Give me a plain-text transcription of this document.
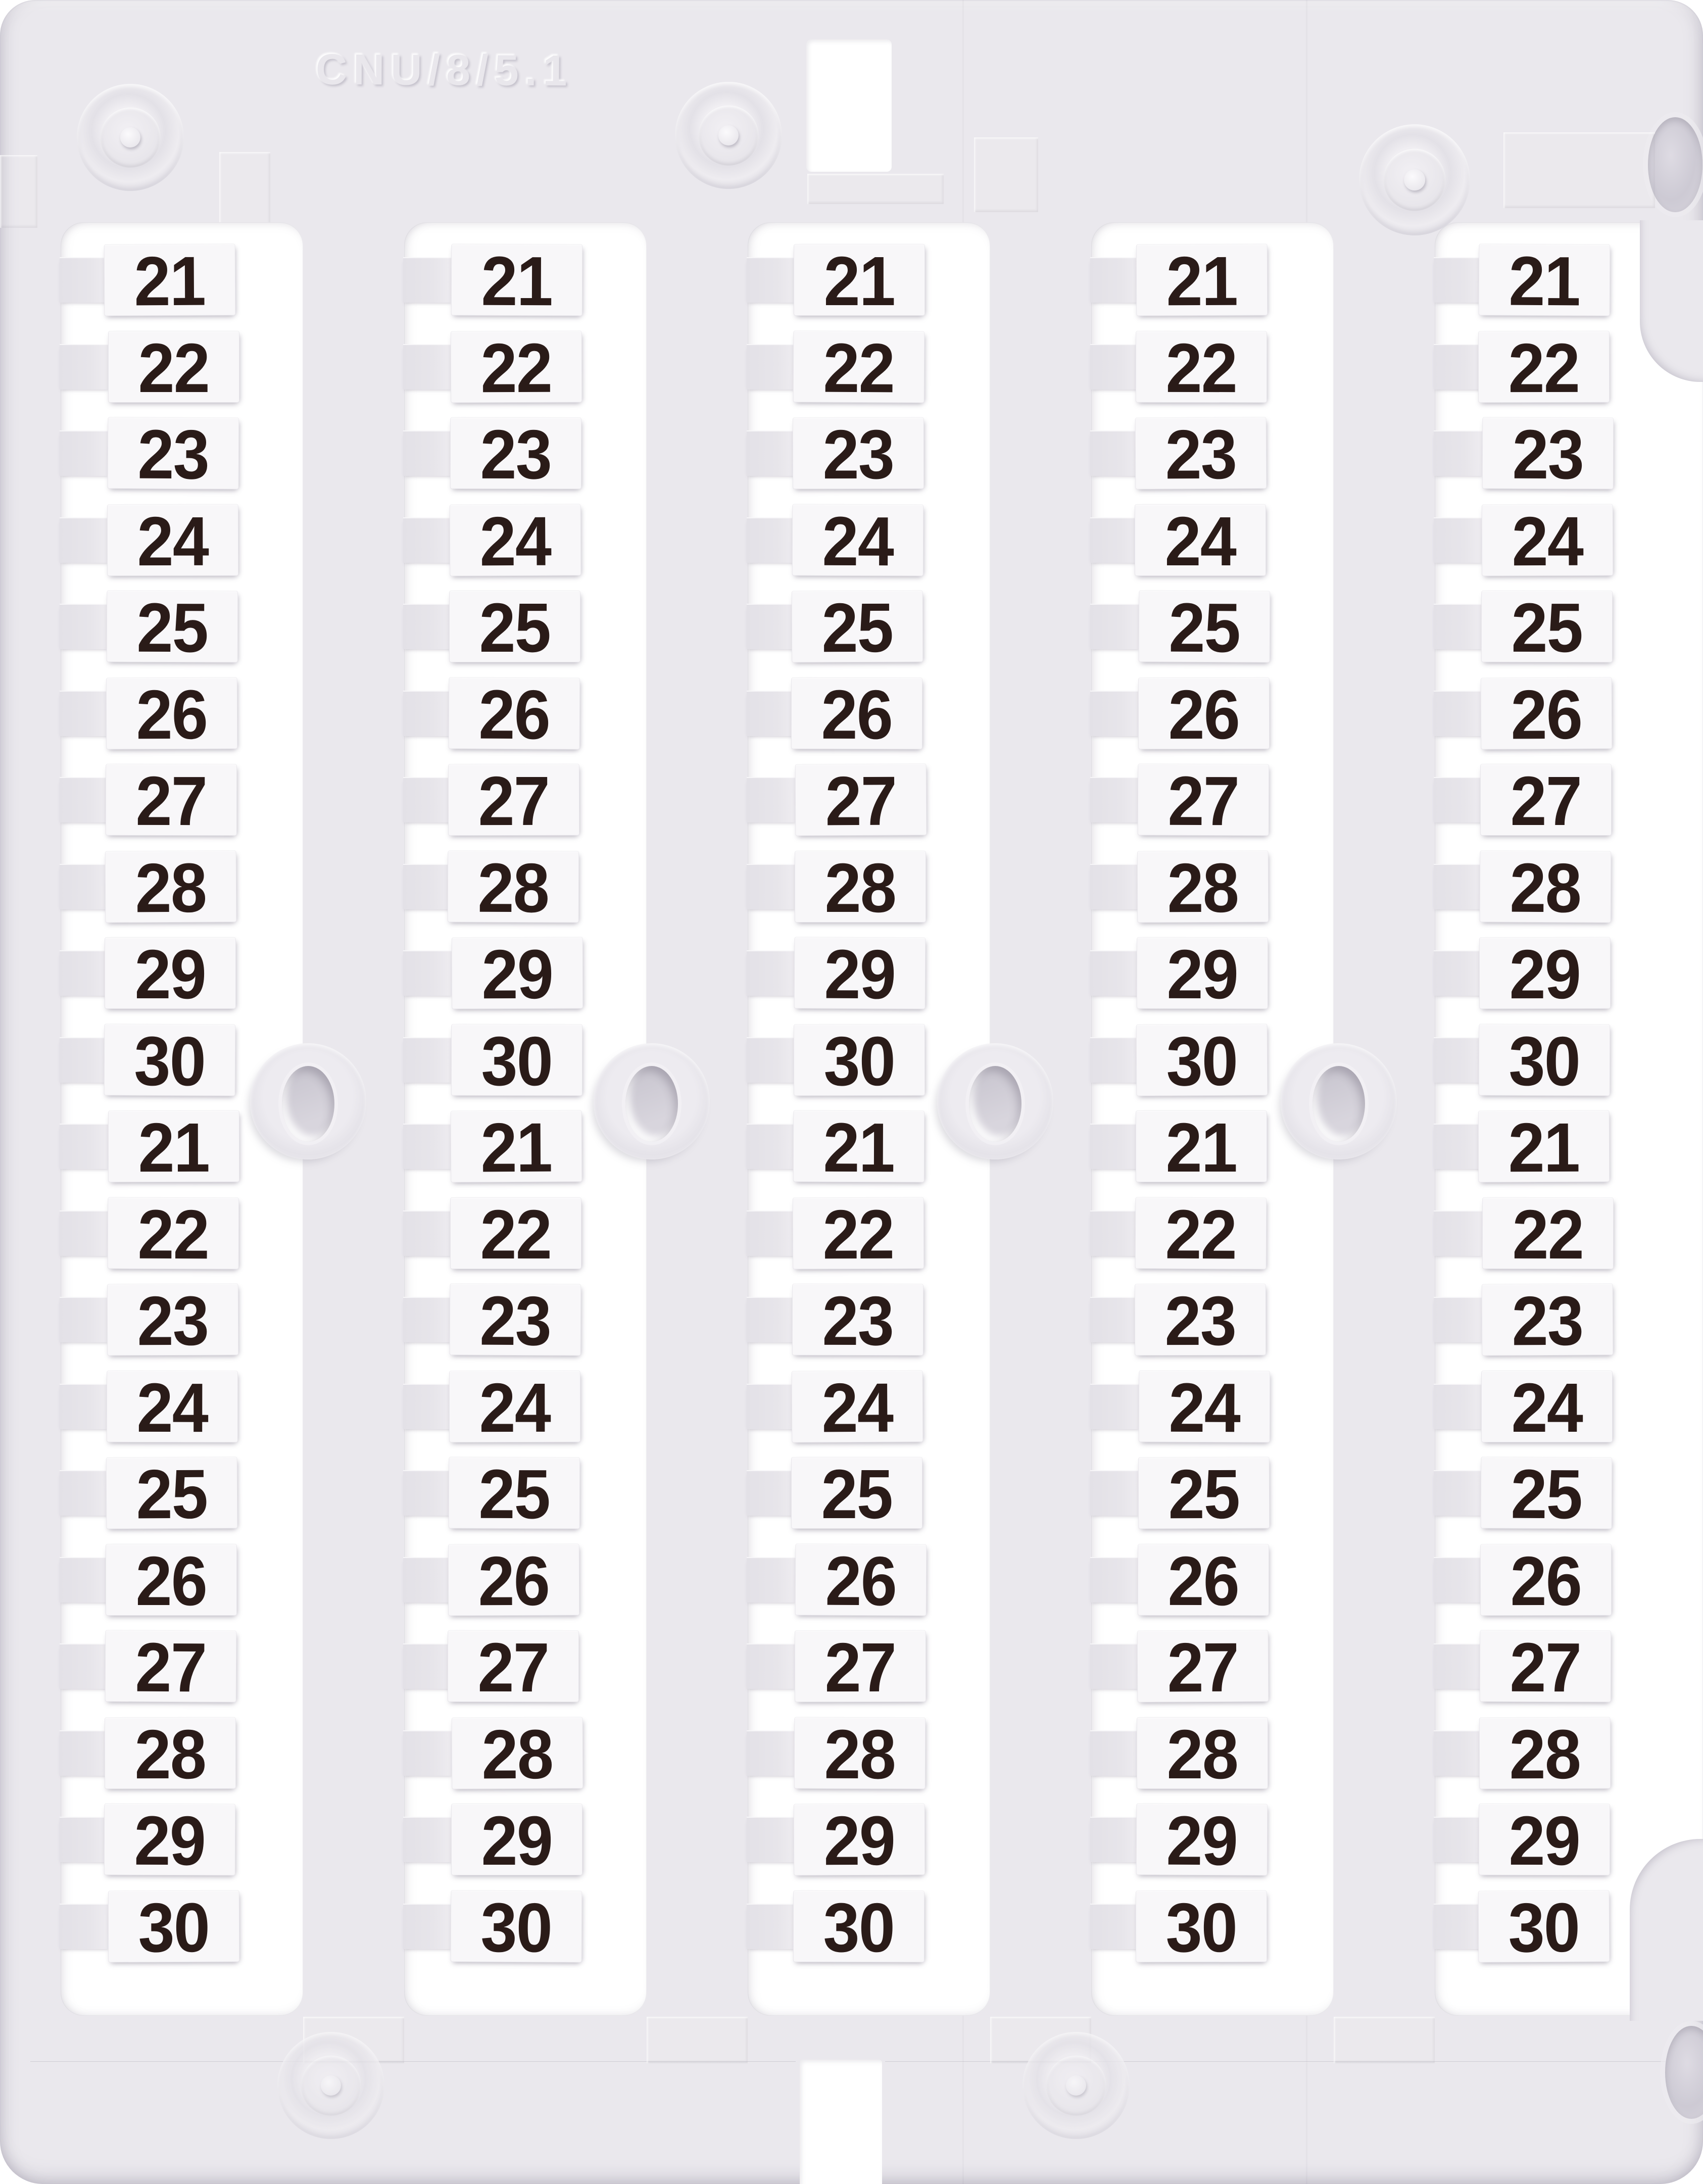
CNU/8/5.1
21
22
23
24
25
26
27
28
29
30
21
22
23
24
25
26
27
28
29
30
21
22
23
24
25
26
27
28
29
30
21
22
23
24
25
26
27
28
29
30
21
22
23
24
25
26
27
28
29
30
21
22
23
24
25
26
27
28
29
30
21
22
23
24
25
26
27
28
29
30
21
22
23
24
25
26
27
28
29
30
21
22
23
24
25
26
27
28
29
30
21
22
23
24
25
26
27
28
29
30
